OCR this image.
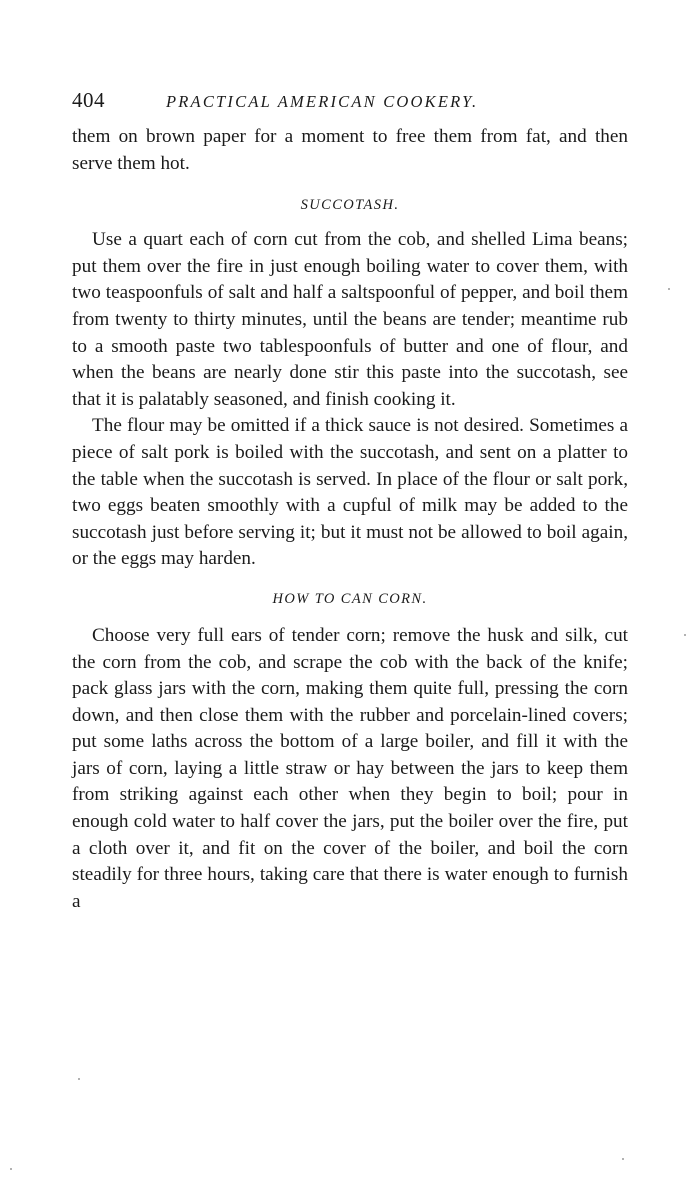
404	PRACTICAL AMERICAN COOKERY.

them on brown paper for a moment to free them from fat, and then serve them hot.

SUCCOTASH.

Use a quart each of corn cut from the cob, and shelled Lima beans; put them over the fire in just enough boiling water to cover them, with two teaspoonfuls of salt and half a saltspoonful of pepper, and boil them from twenty to thirty minutes, until the beans are tender; meantime rub to a smooth paste two tablespoonfuls of butter and one of flour, and when the beans are nearly done stir this paste into the succotash, see that it is palatably seasoned, and finish cooking it.

The flour may be omitted if a thick sauce is not desired. Sometimes a piece of salt pork is boiled with the succotash, and sent on a platter to the table when the succotash is served. In place of the flour or salt pork, two eggs beaten smoothly with a cupful of milk may be added to the succotash just before serving it; but it must not be allowed to boil again, or the eggs may harden.

HOW TO CAN CORN.

Choose very full ears of tender corn; remove the husk and silk, cut the corn from the cob, and scrape the cob with the back of the knife; pack glass jars with the corn, making them quite full, pressing the corn down, and then close them with the rubber and porcelain-lined covers; put some laths across the bottom of a large boiler, and fill it with the jars of corn, laying a little straw or hay between the jars to keep them from striking against each other when they begin to boil; pour in enough cold water to half cover the jars, put the boiler over the fire, put a cloth over it, and fit on the cover of the boiler, and boil the corn steadily for three hours, taking care that there is water enough to furnish a
